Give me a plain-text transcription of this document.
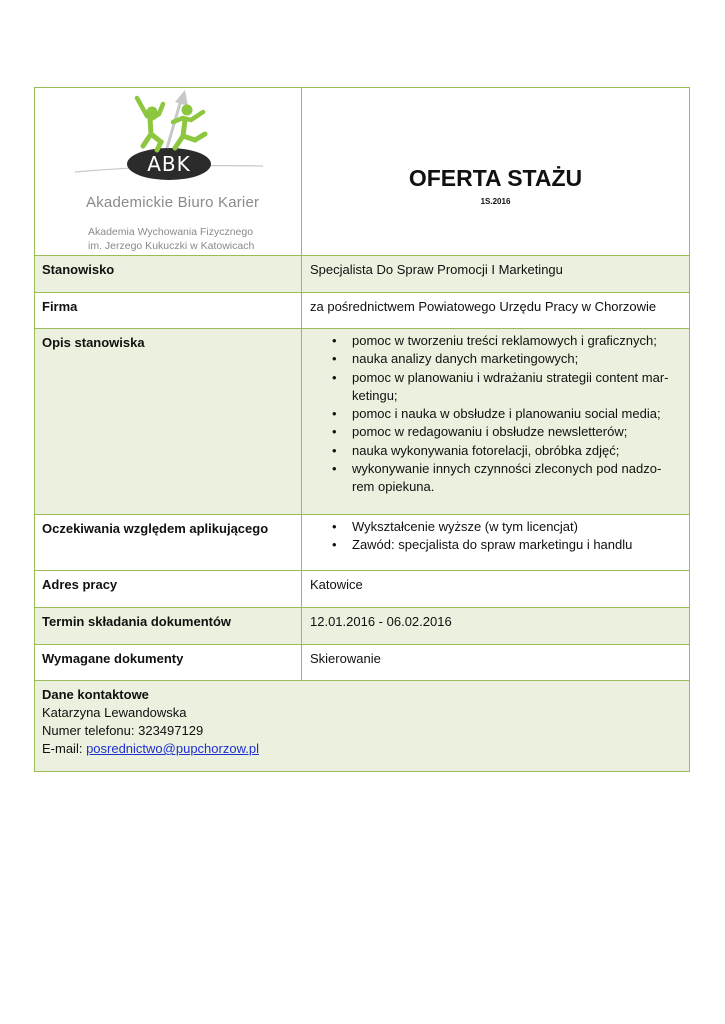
ABK
Akademickie Biuro Karier
Akademia Wychowania Fizycznego
im. Jerzego Kukuczki w Katowicach
OFERTA STAŻU
1S.2016
Stanowisko	Specjalista Do Spraw Promocji I Marketingu
Firma	za pośrednictwem Powiatowego Urzędu Pracy w Chorzowie
Opis stanowiska	• pomoc w tworzeniu treści reklamowych i graficznych;
• nauka analizy danych marketingowych;
• pomoc w planowaniu i wdrażaniu strategii content mar-ketingu;
• pomoc i nauka w obsłudze i planowaniu social media;
• pomoc w redagowaniu i obsłudze newsletterów;
• nauka wykonywania fotorelacji, obróbka zdjęć;
• wykonywanie innych czynności zleconych pod nadzo-rem opiekuna.
Oczekiwania względem aplikującego	• Wykształcenie wyższe (w tym licencjat)
• Zawód: specjalista do spraw marketingu i handlu
Adres pracy	Katowice
Termin składania dokumentów	12.01.2016 - 06.02.2016
Wymagane dokumenty	Skierowanie
Dane kontaktowe
Katarzyna Lewandowska
Numer telefonu: 323497129
E-mail: posrednictwo@pupchorzow.pl
